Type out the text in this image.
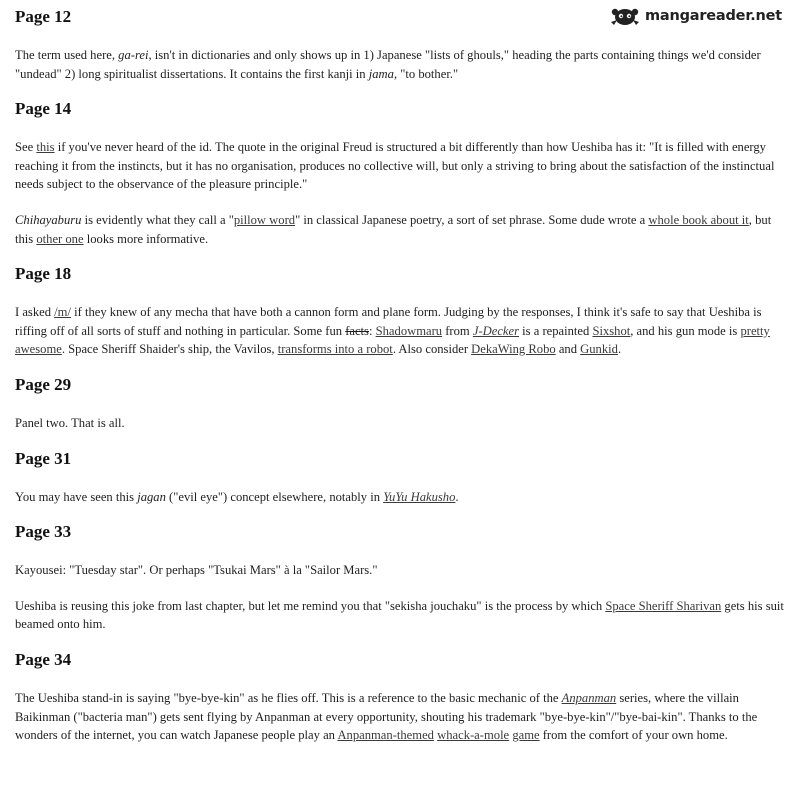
mangareader.net
Page 12

The term used here, ga-rei, isn't in dictionaries and only shows up in 1) Japanese "lists of ghouls," heading the parts containing things we'd consider "undead" 2) long spiritualist dissertations. It contains the first kanji in jama, "to bother."

Page 14

See this if you've never heard of the id. The quote in the original Freud is structured a bit differently than how Ueshiba has it: "It is filled with energy reaching it from the instincts, but it has no organisation, produces no collective will, but only a striving to bring about the satisfaction of the instinctual needs subject to the observance of the pleasure principle."

Chihayaburu is evidently what they call a "pillow word" in classical Japanese poetry, a sort of set phrase. Some dude wrote a whole book about it, but this other one looks more informative.

Page 18

I asked /m/ if they knew of any mecha that have both a cannon form and plane form. Judging by the responses, I think it's safe to say that Ueshiba is riffing off of all sorts of stuff and nothing in particular. Some fun facts: Shadowmaru from J-Decker is a repainted Sixshot, and his gun mode is pretty awesome. Space Sheriff Shaider's ship, the Vavilos, transforms into a robot. Also consider DekaWing Robo and Gunkid.

Page 29

Panel two. That is all.

Page 31

You may have seen this jagan ("evil eye") concept elsewhere, notably in YuYu Hakusho.

Page 33

Kayousei: "Tuesday star". Or perhaps "Tsukai Mars" à la "Sailor Mars."

Ueshiba is reusing this joke from last chapter, but let me remind you that "sekisha jouchaku" is the process by which Space Sheriff Sharivan gets his suit beamed onto him.

Page 34

The Ueshiba stand-in is saying "bye-bye-kin" as he flies off. This is a reference to the basic mechanic of the Anpanman series, where the villain Baikinman ("bacteria man") gets sent flying by Anpanman at every opportunity, shouting his trademark "bye-bye-kin"/"bye-bai-kin". Thanks to the wonders of the internet, you can watch Japanese people play an Anpanman-themed whack-a-mole game from the comfort of your own home.
